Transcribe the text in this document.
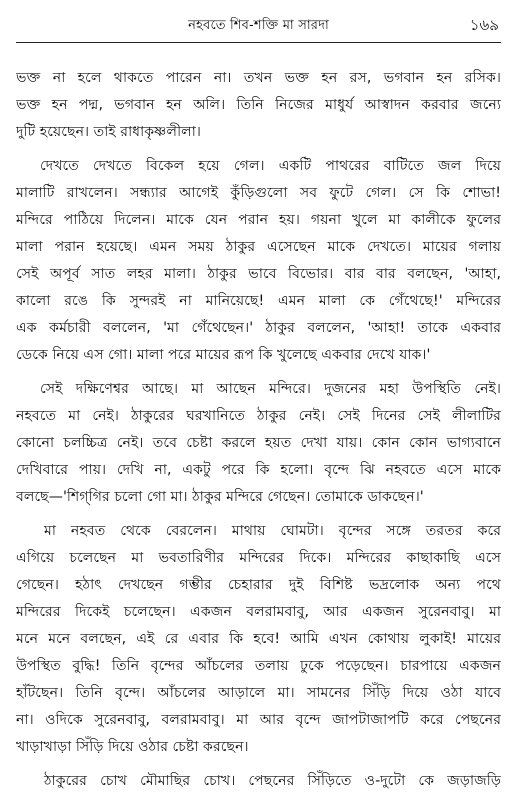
নহবতে শিব-শক্তি মা সারদা	১৬৯
ভক্ত না হলে থাকতে পারেন না। তখন ভক্ত হন রস, ভগবান হন রসিক।
ভক্ত হন পদ্ম, ভগবান হন অলি। তিনি নিজের মাধুর্য আস্বাদন করবার জন্যে
দুটি হয়েছেন। তাই রাধাকৃষ্ণলীলা।
দেখতে দেখতে বিকেল হয়ে গেল। একটি পাথরের বাটিতে জল দিয়ে
মালাটি রাখলেন। সন্ধ্যার আগেই কুঁড়িগুলো সব ফুটে গেল। সে কি শোভা!
মন্দিরে পাঠিয়ে দিলেন। মাকে যেন পরান হয়। গয়না খুলে মা কালীকে ফুলের
মালা পরান হয়েছে। এমন সময় ঠাকুর এসেছেন মাকে দেখতে। মায়ের গলায়
সেই অপূর্ব সাত লহর মালা। ঠাকুর ভাবে বিভোর। বার বার বলছেন, 'আহা,
কালো রঙে কি সুন্দরই না মানিয়েছে! এমন মালা কে গেঁথেছে!' মন্দিরের
এক কর্মচারী বললেন, 'মা গেঁথেছেন।' ঠাকুর বললেন, 'আহা! তাকে একবার
ডেকে নিয়ে এস গো। মালা পরে মায়ের রূপ কি খুলেছে একবার দেখে যাক।'
সেই দক্ষিণেশ্বর আছে। মা আছেন মন্দিরে। দুজনের মহা উপস্থিতি নেই।
নহবতে মা নেই। ঠাকুরের ঘরখানিতে ঠাকুর নেই। সেই দিনের সেই লীলাটির
কোনো চলচ্চিত্র নেই। তবে চেষ্টা করলে হয়ত দেখা যায়। কোন কোন ভাগ্যবানে
দেখিবারে পায়। দেখি না, একটু পরে কি হলো। বৃন্দে ঝি নহবতে এসে মাকে
বলছে—'শিগ্‌গির চলো গো মা। ঠাকুর মন্দিরে গেছেন। তোমাকে ডাকছেন।'
মা নহবত থেকে বেরলেন। মাথায় ঘোমটা। বৃন্দের সঙ্গে তরতর করে
এগিয়ে চলেছেন মা ভবতারিণীর মন্দিরের দিকে। মন্দিরের কাছাকাছি এসে
গেছেন। হঠাৎ দেখছেন গম্ভীর চেহারার দুই বিশিষ্ট ভদ্রলোক অন্য পথে
মন্দিরের দিকেই চলেছেন। একজন বলরামবাবু, আর একজন সুরেনবাবু। মা
মনে মনে বলছেন, এই রে এবার কি হবে! আমি এখন কোথায় লুকাই! মায়ের
উপস্থিত বুদ্ধি! তিনি বৃন্দের আঁচলের তলায় ঢুকে পড়েছেন। চারপায়ে একজন
হাঁটছেন। তিনি বৃন্দে। আঁচলের আড়ালে মা। সামনের সিঁড়ি দিয়ে ওঠা যাবে
না। ওদিকে সুরেনবাবু, বলরামবাবু। মা আর বৃন্দে জাপটাজাপটি করে পেছনের
খাড়াখাড়া সিঁড়ি দিয়ে ওঠার চেষ্টা করছেন।
ঠাকুরের চোখ মৌমাছির চোখ। পেছনের সিঁড়িতে ও-দুটো কে জড়াজড়ি
